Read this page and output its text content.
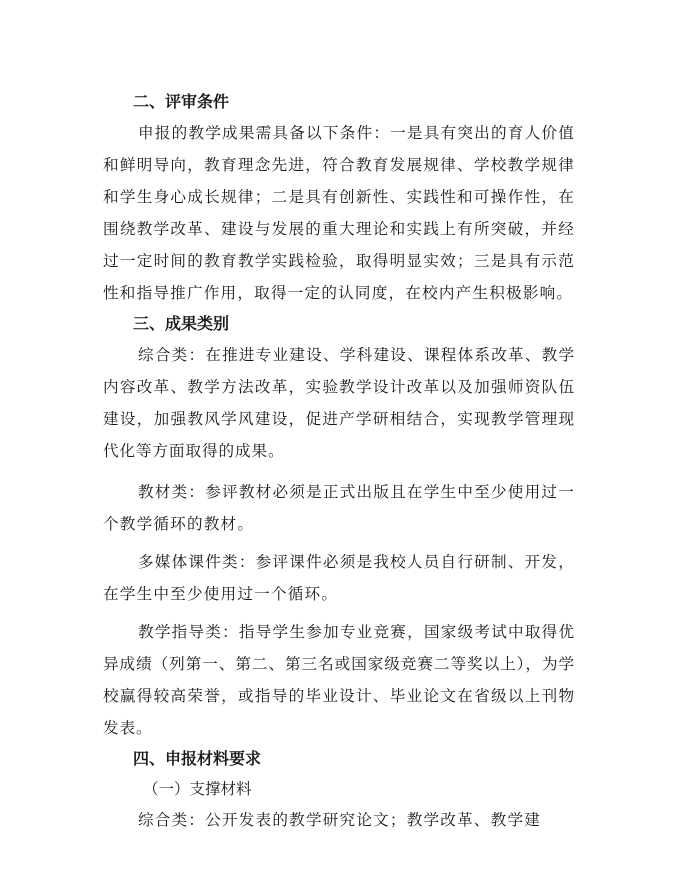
二、评审条件

申报的教学成果需具备以下条件：一是具有突出的育人价值和鲜明导向，教育理念先进，符合教育发展规律、学校教学规律和学生身心成长规律；二是具有创新性、实践性和可操作性，在围绕教学改革、建设与发展的重大理论和实践上有所突破，并经过一定时间的教育教学实践检验，取得明显实效；三是具有示范性和指导推广作用，取得一定的认同度，在校内产生积极影响。

三、成果类别

综合类：在推进专业建设、学科建设、课程体系改革、教学内容改革、教学方法改革，实验教学设计改革以及加强师资队伍建设，加强教风学风建设，促进产学研相结合，实现教学管理现代化等方面取得的成果。

教材类：参评教材必须是正式出版且在学生中至少使用过一个教学循环的教材。

多媒体课件类：参评课件必须是我校人员自行研制、开发，在学生中至少使用过一个循环。

教学指导类：指导学生参加专业竞赛，国家级考试中取得优异成绩（列第一、第二、第三名或国家级竞赛二等奖以上），为学校赢得较高荣誉，或指导的毕业设计、毕业论文在省级以上刊物发表。

四、申报材料要求
（一）支撑材料

综合类：公开发表的教学研究论文；教学改革、教学建
